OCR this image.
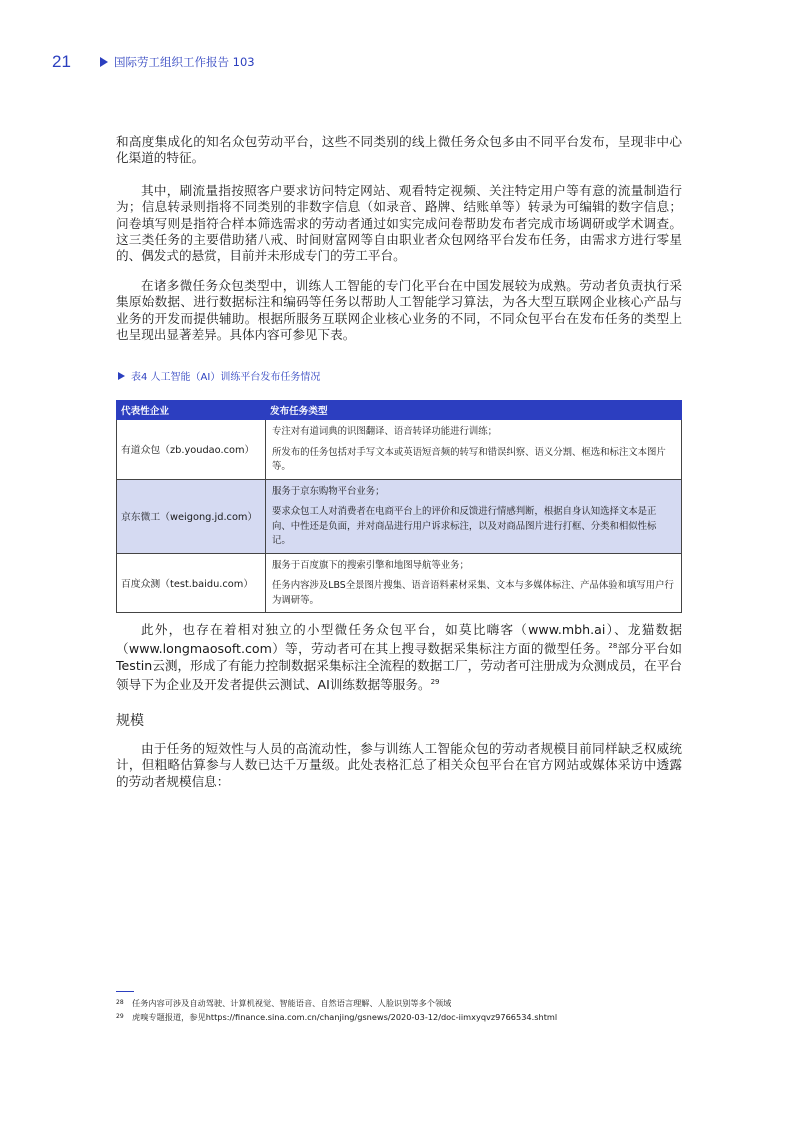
21	国际劳工组织工作报告 103

和高度集成化的知名众包劳动平台，这些不同类别的线上微任务众包多由不同平台发布，呈现非中心化渠道的特征。

其中，刷流量指按照客户要求访问特定网站、观看特定视频、关注特定用户等有意的流量制造行为；信息转录则指将不同类别的非数字信息（如录音、路牌、结账单等）转录为可编辑的数字信息；问卷填写则是指符合样本筛选需求的劳动者通过如实完成问卷帮助发布者完成市场调研或学术调查。这三类任务的主要借助猪八戒、时间财富网等自由职业者众包网络平台发布任务，由需求方进行零星的、偶发式的悬赏，目前并未形成专门的劳工平台。

在诸多微任务众包类型中，训练人工智能的专门化平台在中国发展较为成熟。劳动者负责执行采集原始数据、进行数据标注和编码等任务以帮助人工智能学习算法，为各大型互联网企业核心产品与业务的开发而提供辅助。根据所服务互联网企业核心业务的不同，不同众包平台在发布任务的类型上也呈现出显著差异。具体内容可参见下表。

表4 人工智能（AI）训练平台发布任务情况
代表性企业	发布任务类型
有道众包（zb.youdao.com）	专注对有道词典的识图翻译、语音转译功能进行训练；

所发布的任务包括对手写文本或英语短音频的转写和错误纠察、语义分割、框选和标注文本图片等。

京东微工（weigong.jd.com）	服务于京东购物平台业务；

要求众包工人对消费者在电商平台上的评价和反馈进行情感判断，根据自身认知选择文本是正向、中性还是负面，并对商品进行用户诉求标注，以及对商品图片进行打框、分类和相似性标记。

百度众测（test.baidu.com）	服务于百度旗下的搜索引擎和地图导航等业务；

任务内容涉及LBS全景图片搜集、语音语料素材采集、文本与多媒体标注、产品体验和填写用户行为调研等。

此外，也存在着相对独立的小型微任务众包平台，如莫比嗨客（www.mbh.ai）、龙猫数据（www.longmaosoft.com）等，劳动者可在其上搜寻数据采集标注方面的微型任务。$^{28}$部分平台如Testin云测，形成了有能力控制数据采集标注全流程的数据工厂，劳动者可注册成为众测成员，在平台领导下为企业及开发者提供云测试、AI训练数据等服务。$^{29}$

规模

由于任务的短效性与人员的高流动性，参与训练人工智能众包的劳动者规模目前同样缺乏权威统计，但粗略估算参与人数已达千万量级。此处表格汇总了相关众包平台在官方网站或媒体采访中透露的劳动者规模信息：

28	任务内容可涉及自动驾驶、计算机视觉、智能语音、自然语言理解、人脸识别等多个领域
29	虎嗅专题报道，参见https://finance.sina.com.cn/chanjing/gsnews/2020-03-12/doc-iimxyqvz9766534.shtml
